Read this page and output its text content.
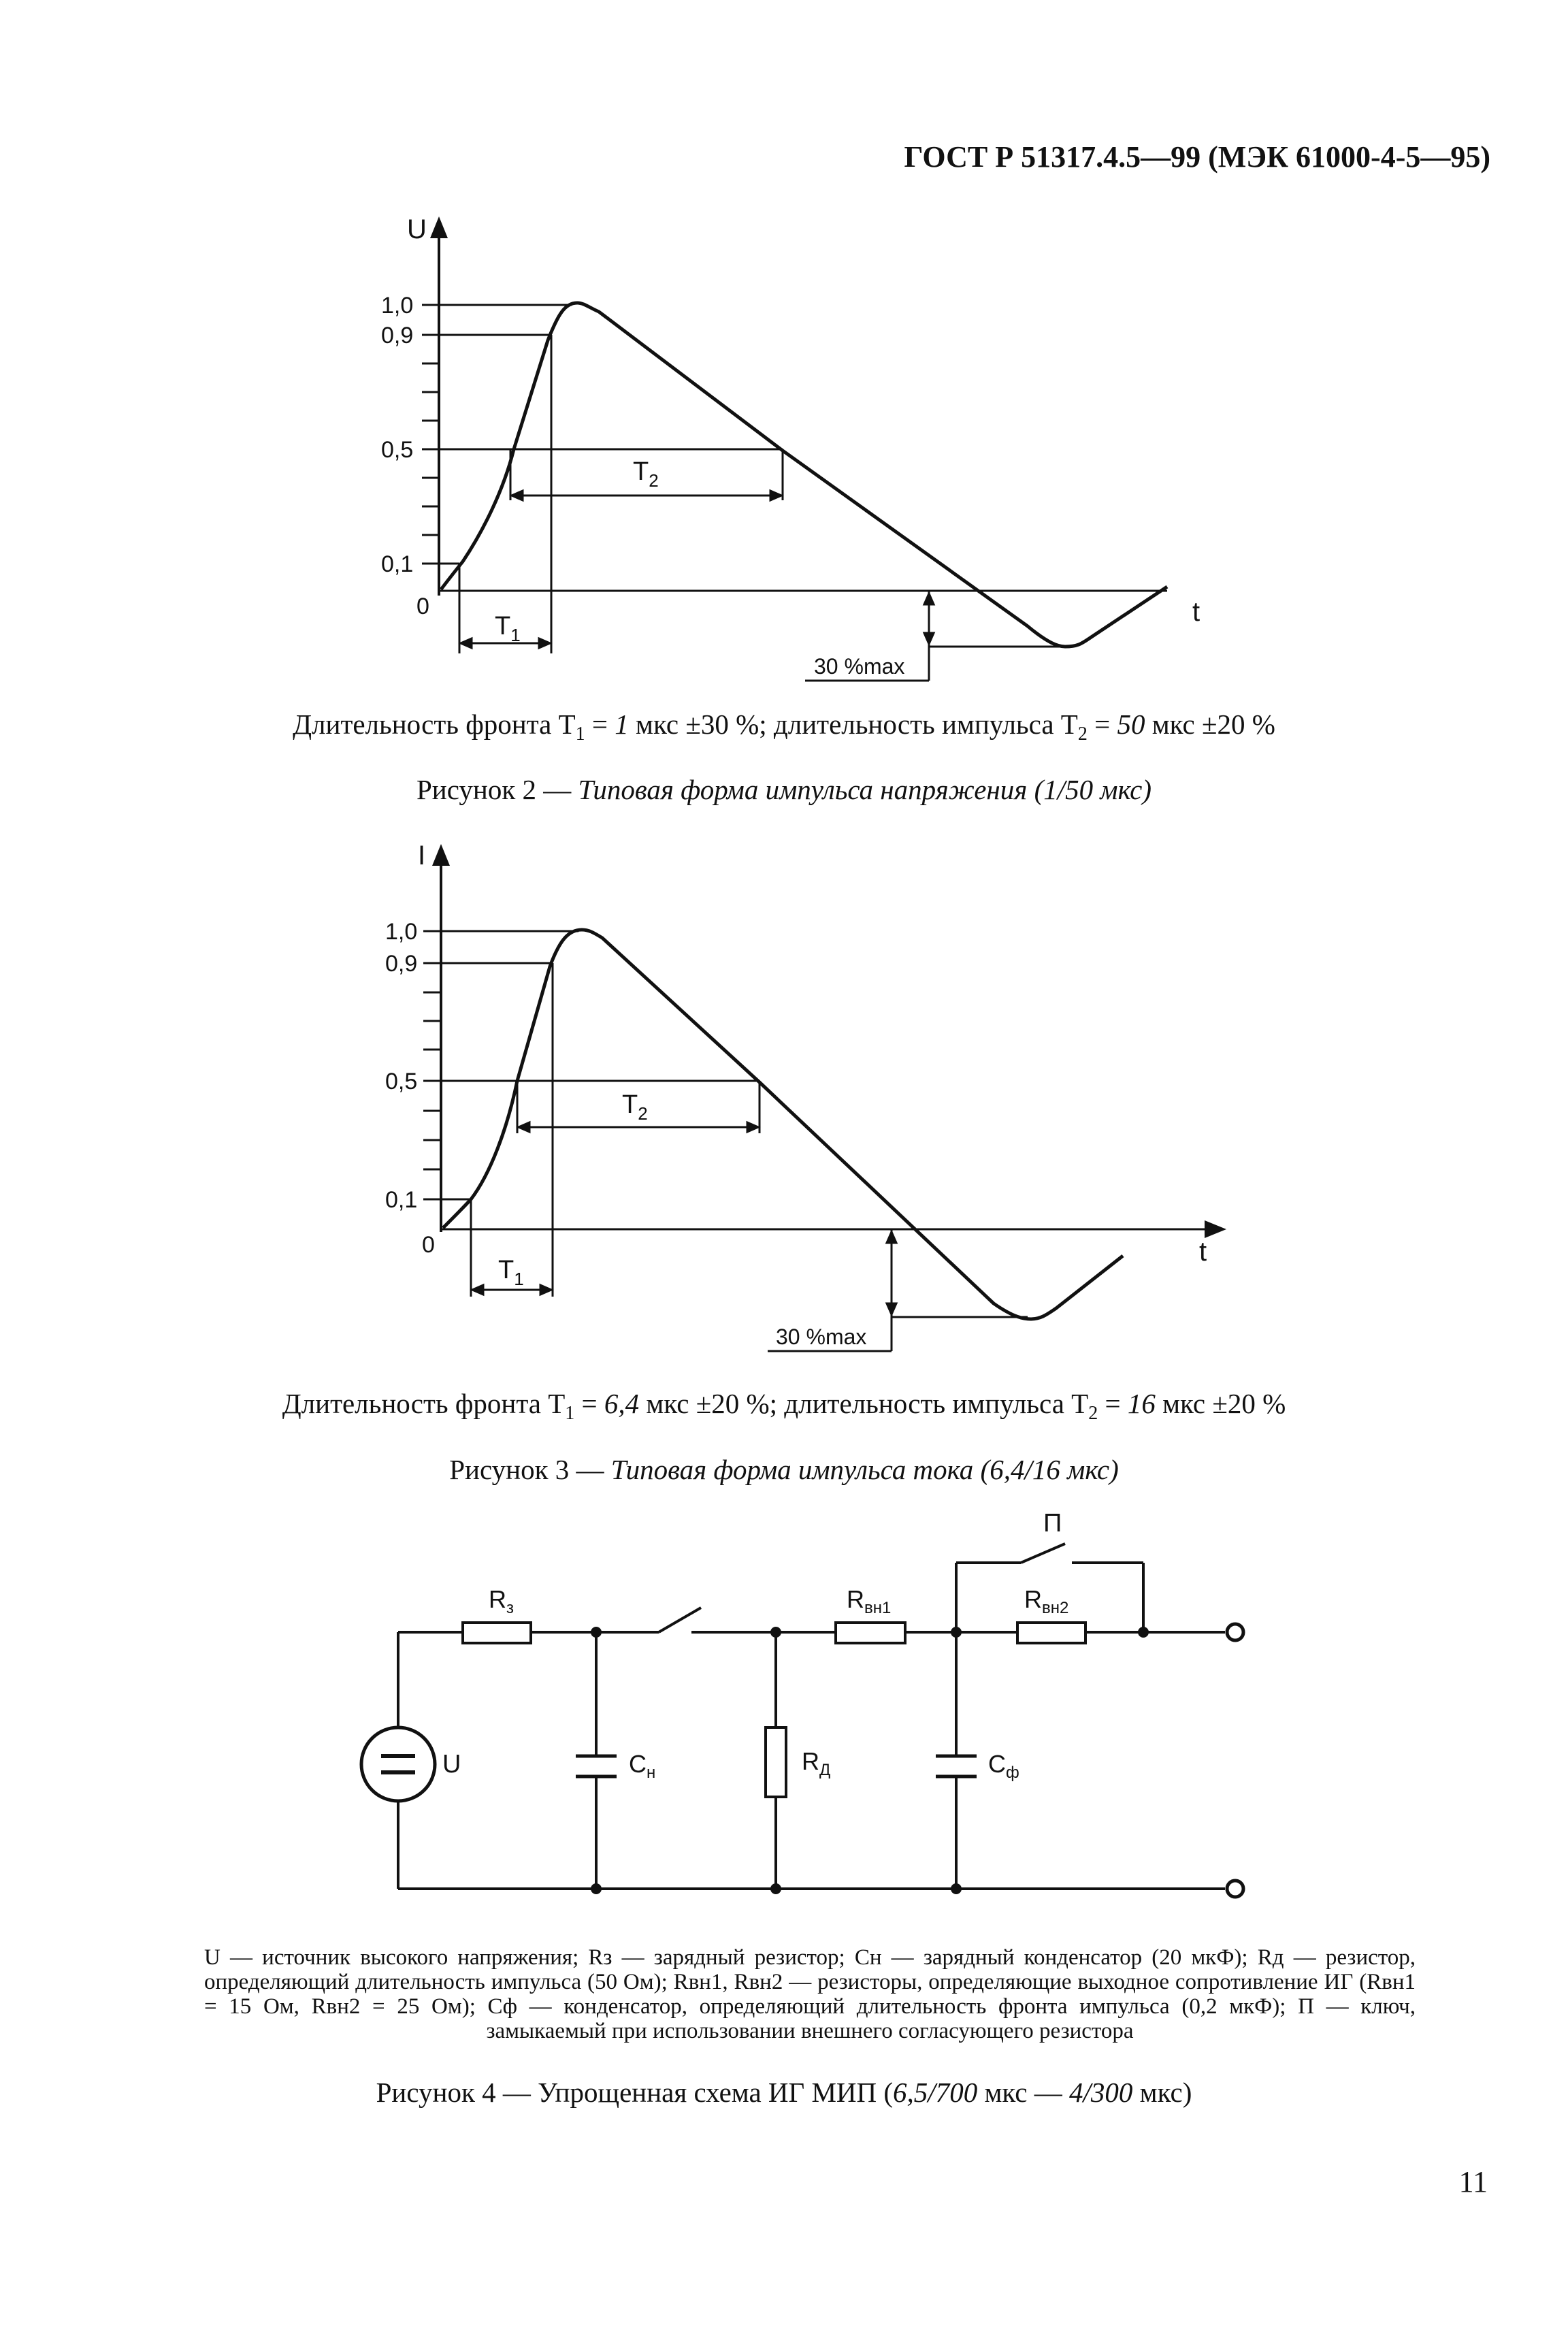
ГОСТ Р 51317.4.5—99 (МЭК 61000-4-5—95)
U
t
1,0
0,9
0,5
0,1
0
$T_1$
$T_2$
30 %max
Длительность фронта $T_1 = 1$ мкс ±30 %; длительность импульса $T_2 = 50$ мкс ±20 %
Рисунок 2 — Типовая форма импульса напряжения (1/50 мкс)
I
t
1,0
0,9
0,5
0,1
0
$T_1$
$T_2$
30 %max
Длительность фронта $T_1 = 6,4$ мкс ±20 %; длительность импульса $T_2 = 16$ мкс ±20 %
Рисунок 3 — Типовая форма импульса тока (6,4/16 мкс)
П
$R_з$	$R_{вн1}$	$R_{вн2}$
U	$C_н$	$R_Д$	$C_ф$
U — источник высокого напряжения; Rз — зарядный резистор; Cн — зарядный конденсатор (20 мкФ); Rд — резистор, определяющий длительность импульса (50 Ом); Rвн1, Rвн2 — резисторы, определяющие выходное сопротивление ИГ (Rвн1 = 15 Ом, Rвн2 = 25 Ом); Cф — конденсатор, определяющий длительность фронта импульса (0,2 мкФ); П — ключ, замыкаемый при использовании внешнего согласующего резистора
Рисунок 4 — Упрощенная схема ИГ МИП (6,5/700 мкс — 4/300 мкс)
11
